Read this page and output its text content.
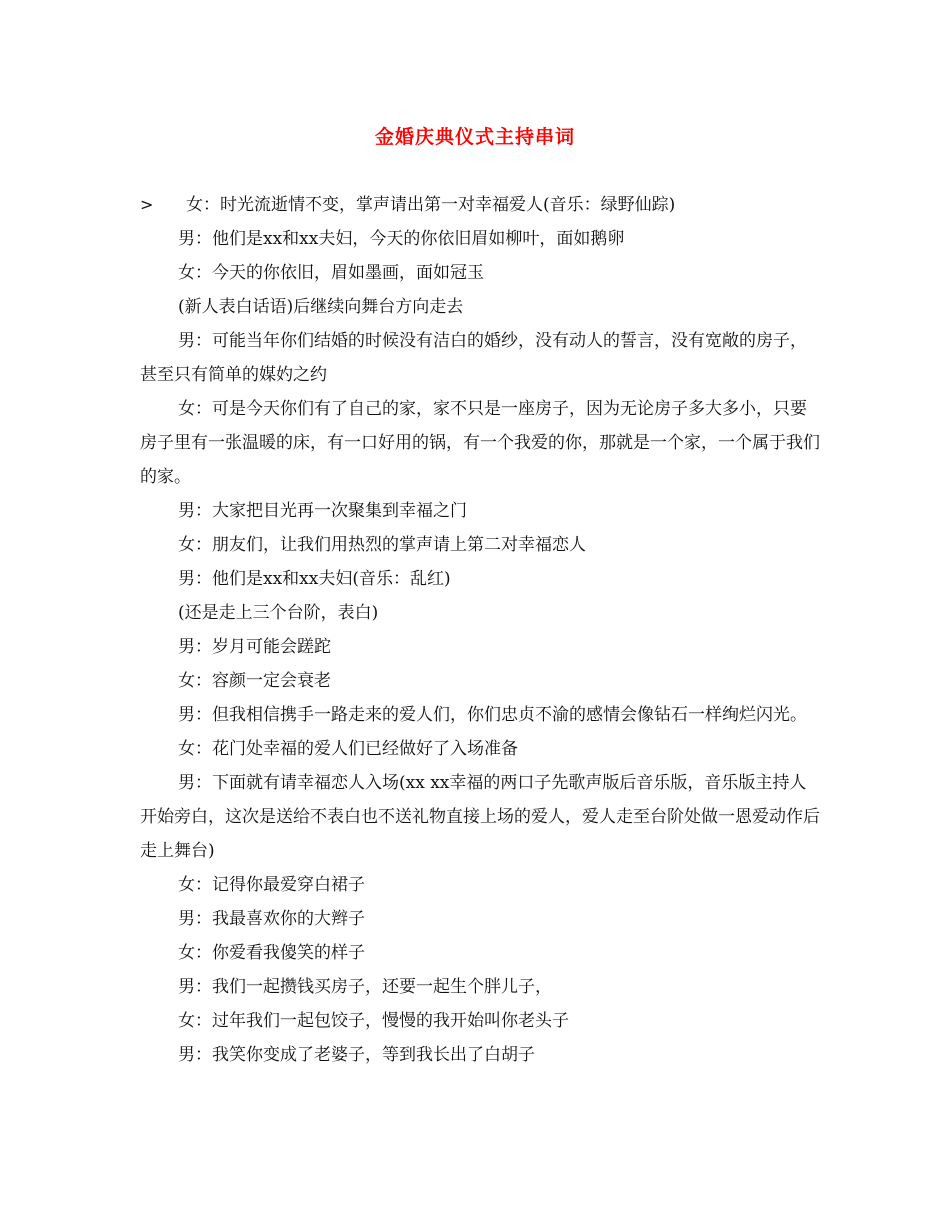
金婚庆典仪式主持串词

> 女：时光流逝情不变，掌声请出第一对幸福爱人(音乐：绿野仙踪)

男：他们是xx和xx夫妇，今天的你依旧眉如柳叶，面如鹅卵

女：今天的你依旧，眉如墨画，面如冠玉

(新人表白话语)后继续向舞台方向走去

男：可能当年你们结婚的时候没有洁白的婚纱，没有动人的誓言，没有宽敞的房子，甚至只有简单的媒妁之约

女：可是今天你们有了自己的家，家不只是一座房子，因为无论房子多大多小，只要房子里有一张温暖的床，有一口好用的锅，有一个我爱的你，那就是一个家，一个属于我们的家。

男：大家把目光再一次聚集到幸福之门

女：朋友们，让我们用热烈的掌声请上第二对幸福恋人

男：他们是xx和xx夫妇(音乐：乱红)

(还是走上三个台阶，表白)

男：岁月可能会蹉跎

女：容颜一定会衰老

男：但我相信携手一路走来的爱人们，你们忠贞不渝的感情会像钻石一样绚烂闪光。

女：花门处幸福的爱人们已经做好了入场准备

男：下面就有请幸福恋人入场(xx xx幸福的两口子先歌声版后音乐版，音乐版主持人开始旁白，这次是送给不表白也不送礼物直接上场的爱人，爱人走至台阶处做一恩爱动作后走上舞台)

女：记得你最爱穿白裙子

男：我最喜欢你的大辫子

女：你爱看我傻笑的样子

男：我们一起攒钱买房子，还要一起生个胖儿子，

女：过年我们一起包饺子，慢慢的我开始叫你老头子

男：我笑你变成了老婆子，等到我长出了白胡子
